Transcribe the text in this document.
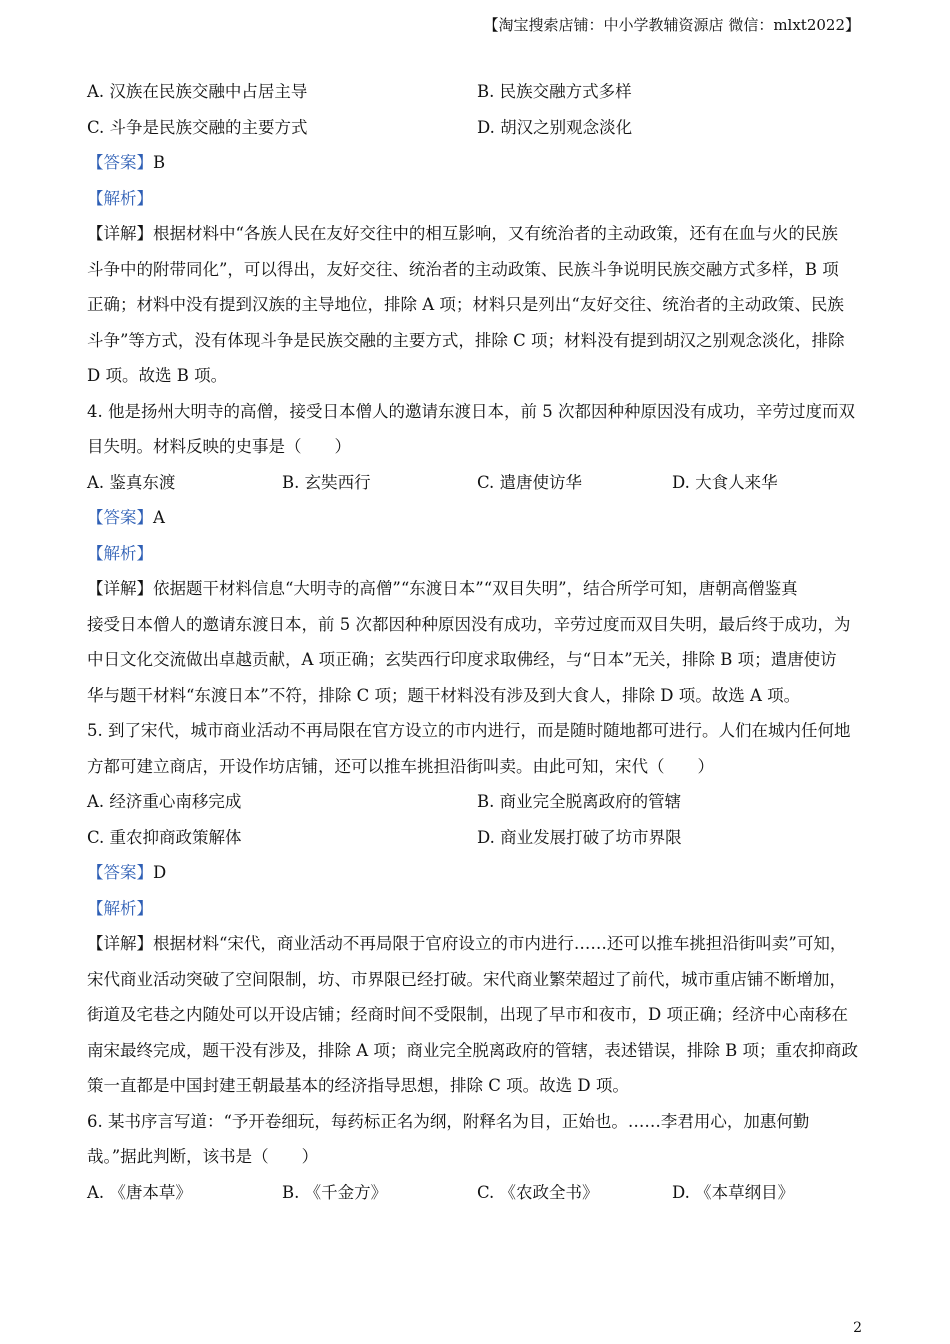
【淘宝搜索店铺：中小学教辅资源店 微信：mlxt2022】
A. 汉族在民族交融中占居主导	B. 民族交融方式多样
C. 斗争是民族交融的主要方式	D. 胡汉之别观念淡化
【答案】B
【解析】
【详解】根据材料中“各族人民在友好交往中的相互影响，又有统治者的主动政策，还有在血与火的民族
斗争中的附带同化”，可以得出，友好交往、统治者的主动政策、民族斗争说明民族交融方式多样，B 项
正确；材料中没有提到汉族的主导地位，排除 A 项；材料只是列出“友好交往、统治者的主动政策、民族
斗争”等方式，没有体现斗争是民族交融的主要方式，排除 C 项；材料没有提到胡汉之别观念淡化，排除
D 项。故选 B 项。
4. 他是扬州大明寺的高僧，接受日本僧人的邀请东渡日本，前 5 次都因种种原因没有成功，辛劳过度而双
目失明。材料反映的史事是（　　）
A. 鉴真东渡	B. 玄奘西行	C. 遣唐使访华	D. 大食人来华
【答案】A
【解析】
【详解】依据题干材料信息“大明寺的高僧”“东渡日本”“双目失明”，结合所学可知，唐朝高僧鉴真
接受日本僧人的邀请东渡日本，前 5 次都因种种原因没有成功，辛劳过度而双目失明，最后终于成功，为
中日文化交流做出卓越贡献，A 项正确；玄奘西行印度求取佛经，与“日本”无关，排除 B 项；遣唐使访
华与题干材料“东渡日本”不符，排除 C 项；题干材料没有涉及到大食人，排除 D 项。故选 A 项。
5. 到了宋代，城市商业活动不再局限在官方设立的市内进行，而是随时随地都可进行。人们在城内任何地
方都可建立商店，开设作坊店铺，还可以推车挑担沿街叫卖。由此可知，宋代（　　）
A. 经济重心南移完成	B. 商业完全脱离政府的管辖
C. 重农抑商政策解体	D. 商业发展打破了坊市界限
【答案】D
【解析】
【详解】根据材料“宋代，商业活动不再局限于官府设立的市内进行……还可以推车挑担沿街叫卖”可知，
宋代商业活动突破了空间限制，坊、市界限已经打破。宋代商业繁荣超过了前代，城市重店铺不断增加，
街道及宅巷之内随处可以开设店铺；经商时间不受限制，出现了早市和夜市，D 项正确；经济中心南移在
南宋最终完成，题干没有涉及，排除 A 项；商业完全脱离政府的管辖，表述错误，排除 B 项；重农抑商政
策一直都是中国封建王朝最基本的经济指导思想，排除 C 项。故选 D 项。
6. 某书序言写道：“予开卷细玩，每药标正名为纲，附释名为目，正始也。……李君用心，加惠何勤
哉。”据此判断，该书是（　　）
A. 《唐本草》	B. 《千金方》	C. 《农政全书》	D. 《本草纲目》
2
